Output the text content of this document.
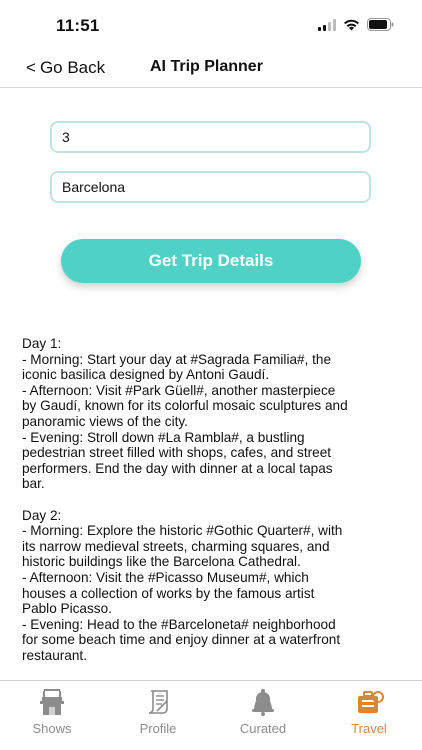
11:51
< Go Back	AI Trip Planner
3
Barcelona
Get Trip Details
Day 1:
- Morning: Start your day at #Sagrada Familia#, the
iconic basilica designed by Antoni Gaudí.
- Afternoon: Visit #Park Güell#, another masterpiece
by Gaudí, known for its colorful mosaic sculptures and
panoramic views of the city.
- Evening: Stroll down #La Rambla#, a bustling
pedestrian street filled with shops, cafes, and street
performers. End the day with dinner at a local tapas
bar.
Day 2:
- Morning: Explore the historic #Gothic Quarter#, with
its narrow medieval streets, charming squares, and
historic buildings like the Barcelona Cathedral.
- Afternoon: Visit the #Picasso Museum#, which
houses a collection of works by the famous artist
Pablo Picasso.
- Evening: Head to the #Barceloneta# neighborhood
for some beach time and enjoy dinner at a waterfront
restaurant.
Shows	Profile	Curated	Travel
